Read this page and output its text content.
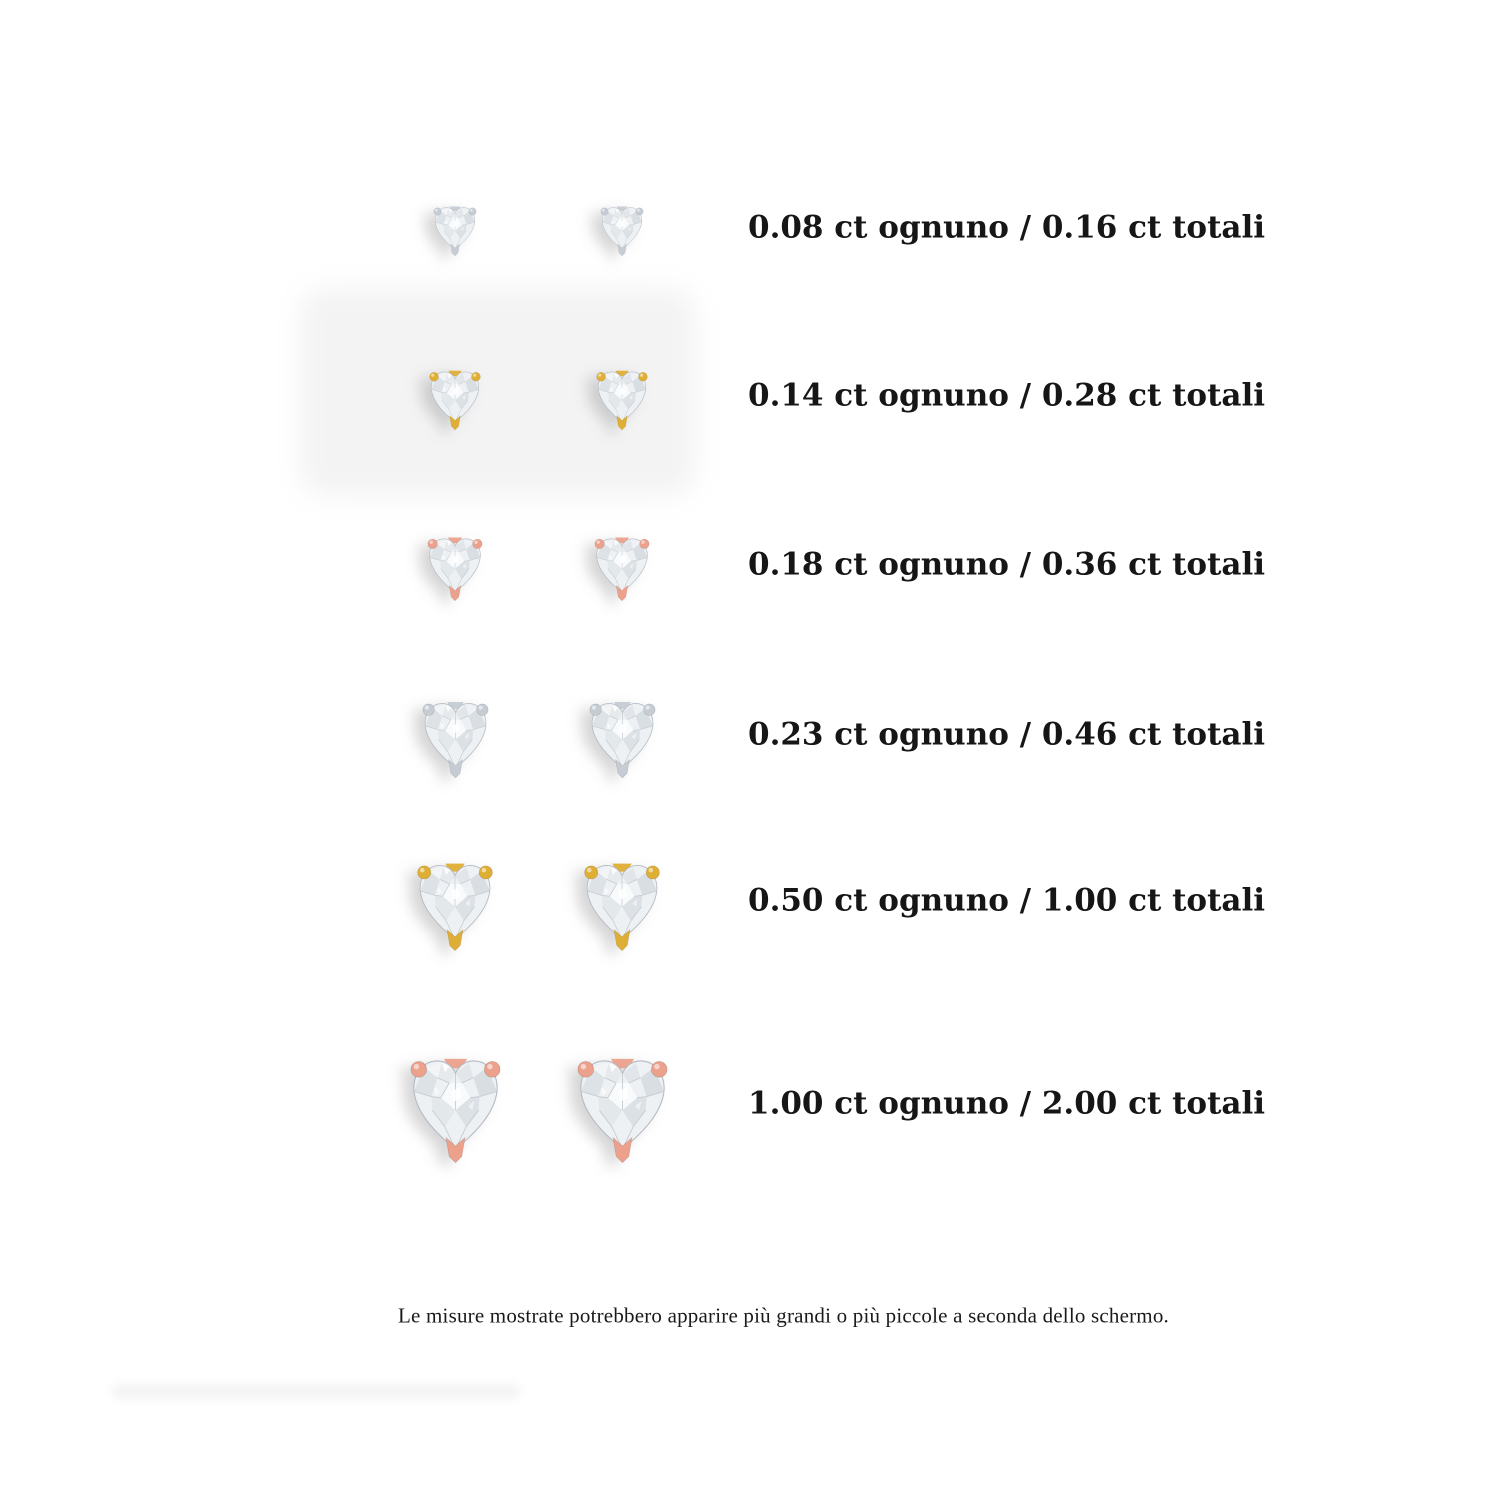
0.08 ct ognuno / 0.16 ct totali
0.14 ct ognuno / 0.28 ct totali
0.18 ct ognuno / 0.36 ct totali
0.23 ct ognuno / 0.46 ct totali
0.50 ct ognuno / 1.00 ct totali
1.00 ct ognuno / 2.00 ct totali
Le misure mostrate potrebbero apparire più grandi o più piccole a seconda dello schermo.
